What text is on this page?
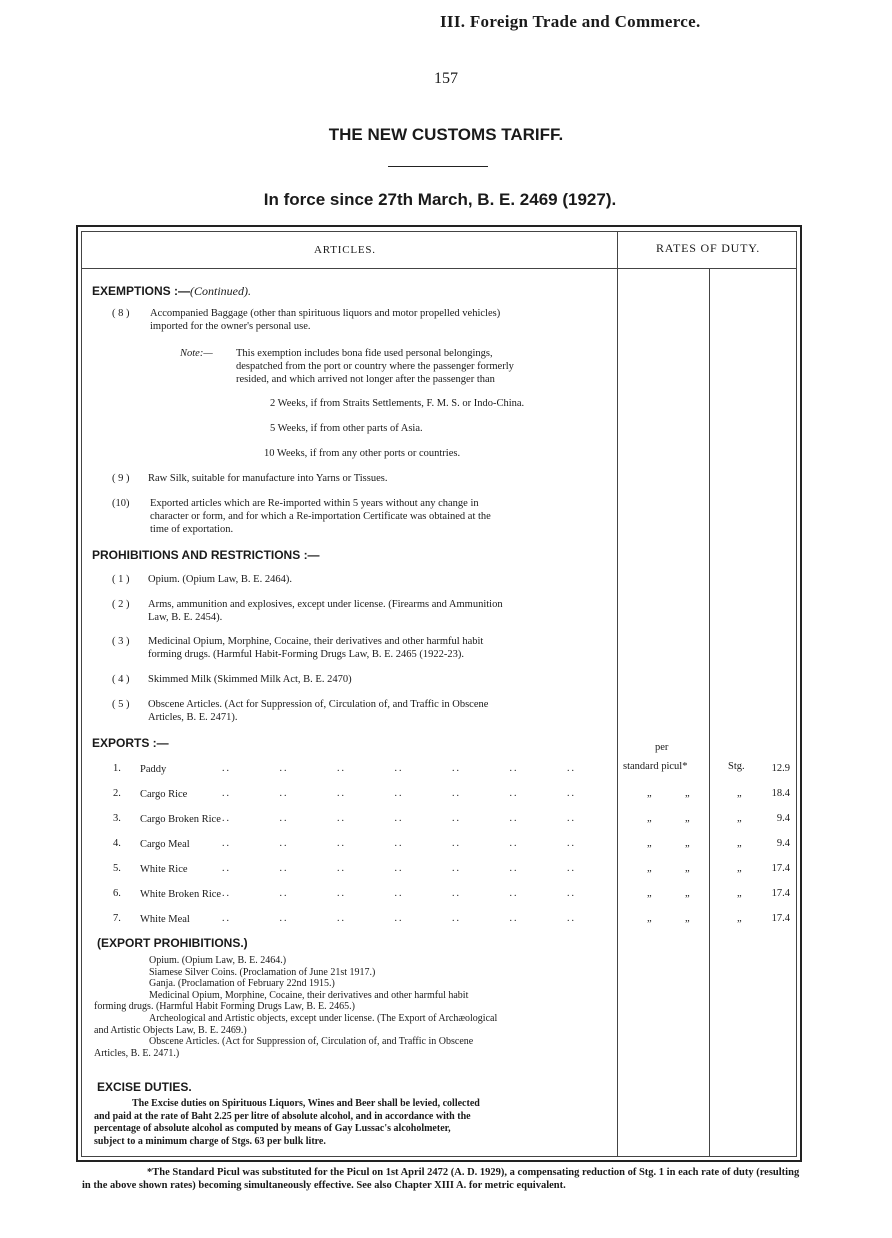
III. Foreign Trade and Commerce.
157
THE NEW CUSTOMS TARIFF.
In force since 27th March, B. E. 2469 (1927).
ARTICLES.	RATES OF DUTY.
EXEMPTIONS :—(Continued).
( 8 ) Accompanied Baggage (other than spirituous liquors and motor propelled vehicles)
imported for the owner's personal use.
Note:— This exemption includes bona fide used personal belongings,
despatched from the port or country where the passenger formerly
resided, and which arrived not longer after the passenger than
2 Weeks, if from Straits Settlements, F. M. S. or Indo-China.
5 Weeks, if from other parts of Asia.
10 Weeks, if from any other ports or countries.
( 9 ) Raw Silk, suitable for manufacture into Yarns or Tissues.
(10) Exported articles which are Re-imported within 5 years without any change in
character or form, and for which a Re-importation Certificate was obtained at the
time of exportation.
PROHIBITIONS AND RESTRICTIONS :—
( 1 ) Opium. (Opium Law, B. E. 2464).
( 2 ) Arms, ammunition and explosives, except under license. (Firearms and Ammunition
Law, B. E. 2454).
( 3 ) Medicinal Opium, Morphine, Cocaine, their derivatives and other harmful habit
forming drugs. (Harmful Habit-Forming Drugs Law, B. E. 2465 (1922-23).
( 4 ) Skimmed Milk (Skimmed Milk Act, B. E. 2470)
( 5 ) Obscene Articles. (Act for Suppression of, Circulation of, and Traffic in Obscene
Articles, B. E. 2471).
EXPORTS :—	per
standard picul*	Stg.
1. Paddy	.. .. .. .. .. .. ..	12.9
2. Cargo Rice	.. .. .. .. .. .. ..	„	„	„	18.4
3. Cargo Broken Rice .. .. .. .. .. .. ..	„	„	„	9.4
4. Cargo Meal	.. .. .. .. .. .. ..	„	„	„	9.4
5. White Rice	.. .. .. .. .. .. ..	„	„	„	17.4
6. White Broken Rice .. .. .. .. .. .. ..	„	„	„	17.4
7. White Meal	.. .. .. .. .. .. ..	„	„	„	17.4
(EXPORT PROHIBITIONS.)
Opium. (Opium Law, B. E. 2464.)
Siamese Silver Coins. (Proclamation of June 21st 1917.)
Ganja. (Proclamation of February 22nd 1915.)
Medicinal Opium, Morphine, Cocaine, their derivatives and other harmful habit
forming drugs. (Harmful Habit Forming Drugs Law, B. E. 2465.)
Archeological and Artistic objects, except under license. (The Export of Archæological
and Artistic Objects Law, B. E. 2469.)
Obscene Articles. (Act for Suppression of, Circulation of, and Traffic in Obscene
Articles, B. E. 2471.)
EXCISE DUTIES.
The Excise duties on Spirituous Liquors, Wines and Beer shall be levied, collected
and paid at the rate of Baht 2.25 per litre of absolute alcohol, and in accordance with the
percentage of absolute alcohol as computed by means of Gay Lussac's alcoholmeter,
subject to a minimum charge of Stgs. 63 per bulk litre.
*The Standard Picul was substituted for the Picul on 1st April 2472 (A. D. 1929), a compensating reduction of Stg. 1 in each rate of duty (resulting in the above shown rates) becoming simultaneously effective. See also Chapter XIII A. for metric equivalent.
